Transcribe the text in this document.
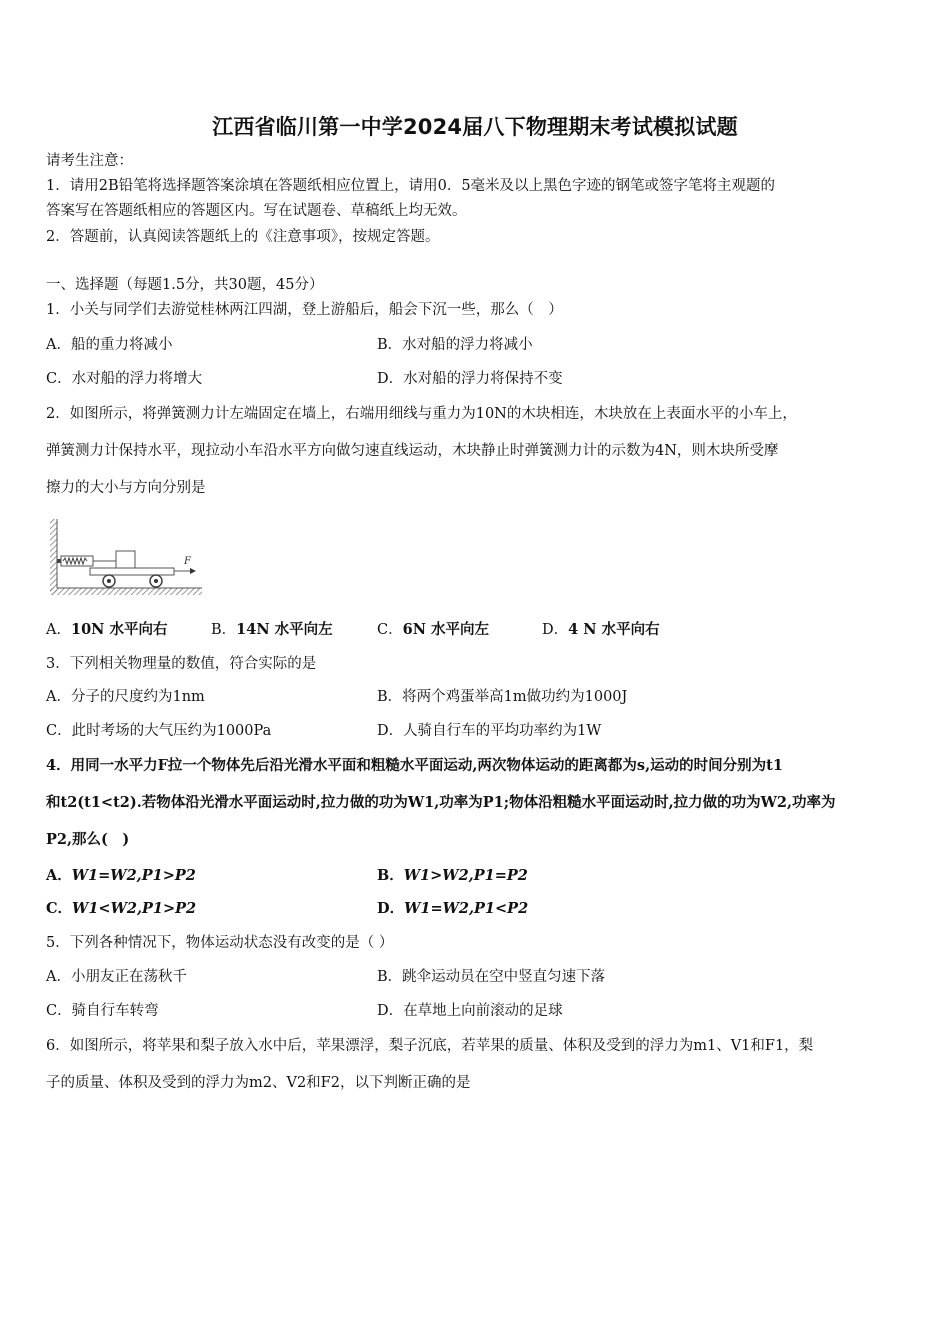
江西省临川第一中学2024届八下物理期末考试模拟试题
请考生注意：
1．请用2B铅笔将选择题答案涂填在答题纸相应位置上，请用0．5毫米及以上黑色字迹的钢笔或签字笔将主观题的
答案写在答题纸相应的答题区内。写在试题卷、草稿纸上均无效。
2．答题前，认真阅读答题纸上的《注意事项》，按规定答题。
一、选择题（每题1.5分，共30题，45分）
1．小关与同学们去游觉桂林两江四湖，登上游船后，船会下沉一些，那么（　）
A．船的重力将减小	B．水对船的浮力将减小
C．水对船的浮力将增大	D．水对船的浮力将保持不变
2．如图所示，将弹簧测力计左端固定在墙上，右端用细线与重力为10N的木块相连，木块放在上表面水平的小车上，
弹簧测力计保持水平，现拉动小车沿水平方向做匀速直线运动，木块静止时弹簧测力计的示数为4N，则木块所受摩
擦力的大小与方向分别是
F
A．10N 水平向右	B．14N 水平向左	C．6N 水平向左	D．4 N 水平向右
3．下列相关物理量的数值，符合实际的是
A．分子的尺度约为1nm	B．将两个鸡蛋举高1m做功约为1000J
C．此时考场的大气压约为1000Pa	D．人骑自行车的平均功率约为1W
4．用同一水平力F拉一个物体先后沿光滑水平面和粗糙水平面运动,两次物体运动的距离都为s,运动的时间分别为t1
和t2(t1<t2).若物体沿光滑水平面运动时,拉力做的功为W1,功率为P1;物体沿粗糙水平面运动时,拉力做的功为W2,功率为
P2,那么(　)
A．W1=W2,P1>P2	B．W1>W2,P1=P2
C．W1<W2,P1>P2	D．W1=W2,P1<P2
5．下列各种情况下，物体运动状态没有改变的是（ ）
A．小朋友正在荡秋千	B．跳伞运动员在空中竖直匀速下落
C．骑自行车转弯	D．在草地上向前滚动的足球
6．如图所示，将苹果和梨子放入水中后，苹果漂浮，梨子沉底，若苹果的质量、体积及受到的浮力为m1、V1和F1，梨
子的质量、体积及受到的浮力为m2、V2和F2，以下判断正确的是
